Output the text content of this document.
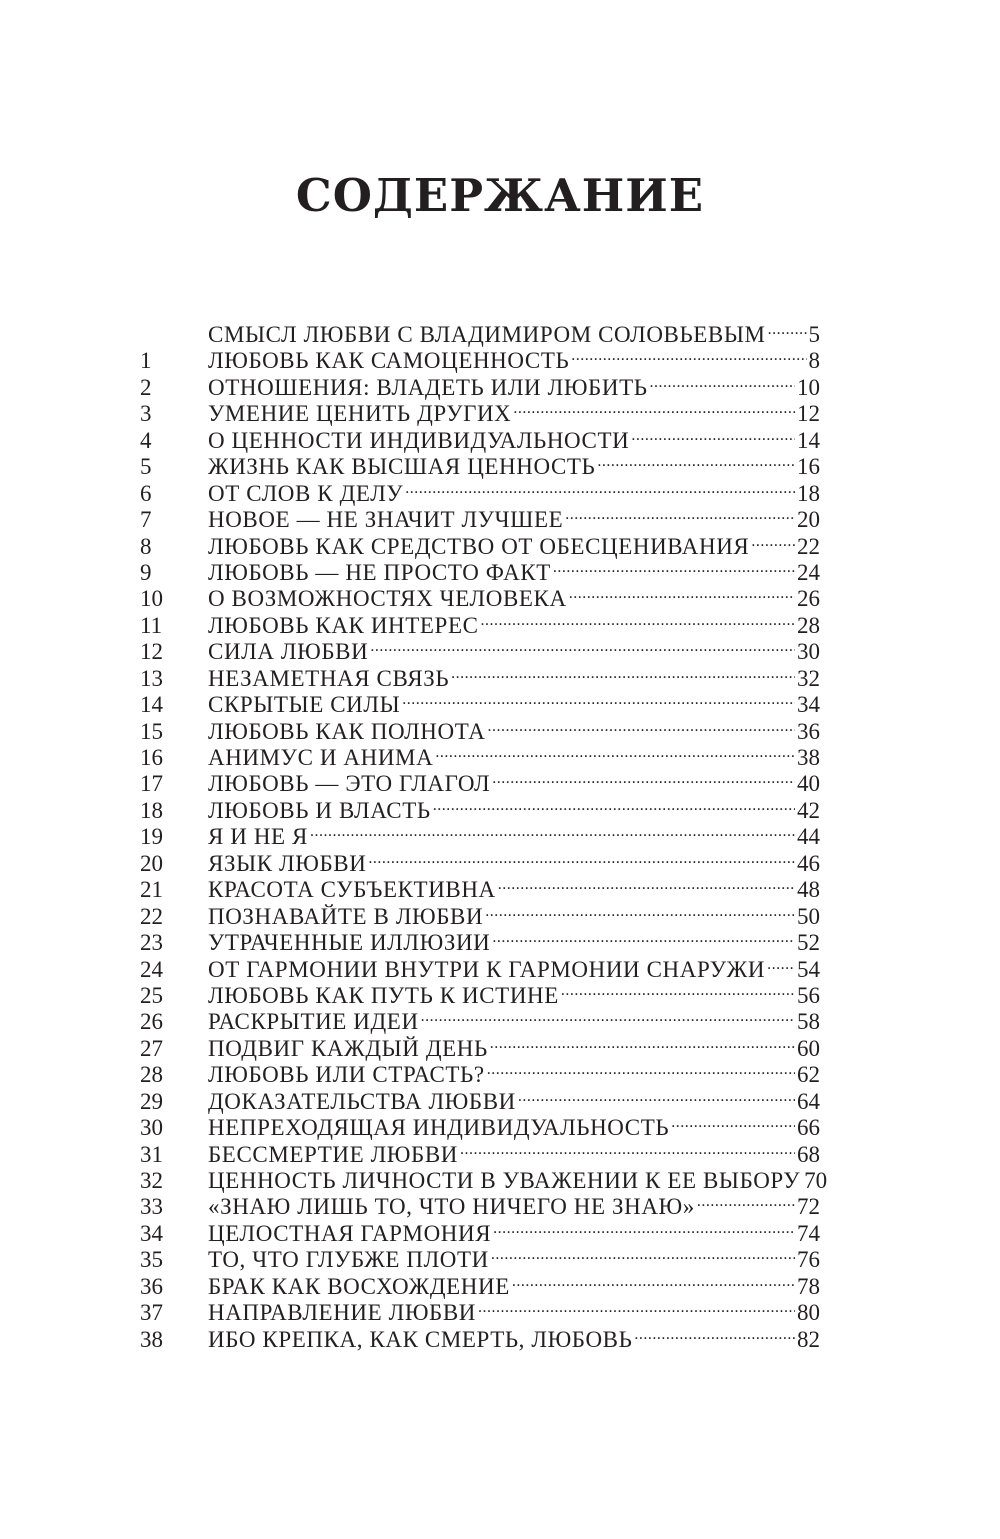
СОДЕРЖАНИЕ
СМЫСЛ ЛЮБВИ С ВЛАДИМИРОМ СОЛОВЬЕВЫМ ..... 5
1	ЛЮБОВЬ КАК САМОЦЕННОСТЬ .....	8
2	ОТНОШЕНИЯ: ВЛАДЕТЬ ИЛИ ЛЮБИТЬ .....	10
3	УМЕНИЕ ЦЕНИТЬ ДРУГИХ .....	12
4	О ЦЕННОСТИ ИНДИВИДУАЛЬНОСТИ .....	14
5	ЖИЗНЬ КАК ВЫСШАЯ ЦЕННОСТЬ .....	16
6	ОТ СЛОВ К ДЕЛУ .....	18
7	НОВОЕ — НЕ ЗНАЧИТ ЛУЧШЕЕ .....	20
8	ЛЮБОВЬ КАК СРЕДСТВО ОТ ОБЕСЦЕНИВАНИЯ ..... 22
9	ЛЮБОВЬ — НЕ ПРОСТО ФАКТ .....	24
10	О ВОЗМОЖНОСТЯХ ЧЕЛОВЕКА .....	26
11	ЛЮБОВЬ КАК ИНТЕРЕС .....	28
12	СИЛА ЛЮБВИ .....	30
13	НЕЗАМЕТНАЯ СВЯЗЬ .....	32
14	СКРЫТЫЕ СИЛЫ .....	34
15	ЛЮБОВЬ КАК ПОЛНОТА .....	36
16	АНИМУС И АНИМА .....	38
17	ЛЮБОВЬ — ЭТО ГЛАГОЛ .....	40
18	ЛЮБОВЬ И ВЛАСТЬ .....	42
19	Я И НЕ Я .....	44
20	ЯЗЫК ЛЮБВИ .....	46
21	КРАСОТА СУБЪЕКТИВНА .....	48
22	ПОЗНАВАЙТЕ В ЛЮБВИ .....	50
23	УТРАЧЕННЫЕ ИЛЛЮЗИИ .....	52
24	ОТ ГАРМОНИИ ВНУТРИ К ГАРМОНИИ СНАРУЖИ ..... 54
25	ЛЮБОВЬ КАК ПУТЬ К ИСТИНЕ .....	56
26	РАСКРЫТИЕ ИДЕИ .....	58
27	ПОДВИГ КАЖДЫЙ ДЕНЬ .....	60
28	ЛЮБОВЬ ИЛИ СТРАСТЬ? .....	62
29	ДОКАЗАТЕЛЬСТВА ЛЮБВИ .....	64
30	НЕПРЕХОДЯЩАЯ ИНДИВИДУАЛЬНОСТЬ .....	66
31	БЕССМЕРТИЕ ЛЮБВИ .....	68
32	ЦЕННОСТЬ ЛИЧНОСТИ В УВАЖЕНИИ К ЕЕ ВЫБОРУ 70
33	«ЗНАЮ ЛИШЬ ТО, ЧТО НИЧЕГО НЕ ЗНАЮ» .....	72
34	ЦЕЛОСТНАЯ ГАРМОНИЯ .....	74
35	ТО, ЧТО ГЛУБЖЕ ПЛОТИ .....	76
36	БРАК КАК ВОСХОЖДЕНИЕ .....	78
37	НАПРАВЛЕНИЕ ЛЮБВИ .....	80
38	ИБО КРЕПКА, КАК СМЕРТЬ, ЛЮБОВЬ .....	82
